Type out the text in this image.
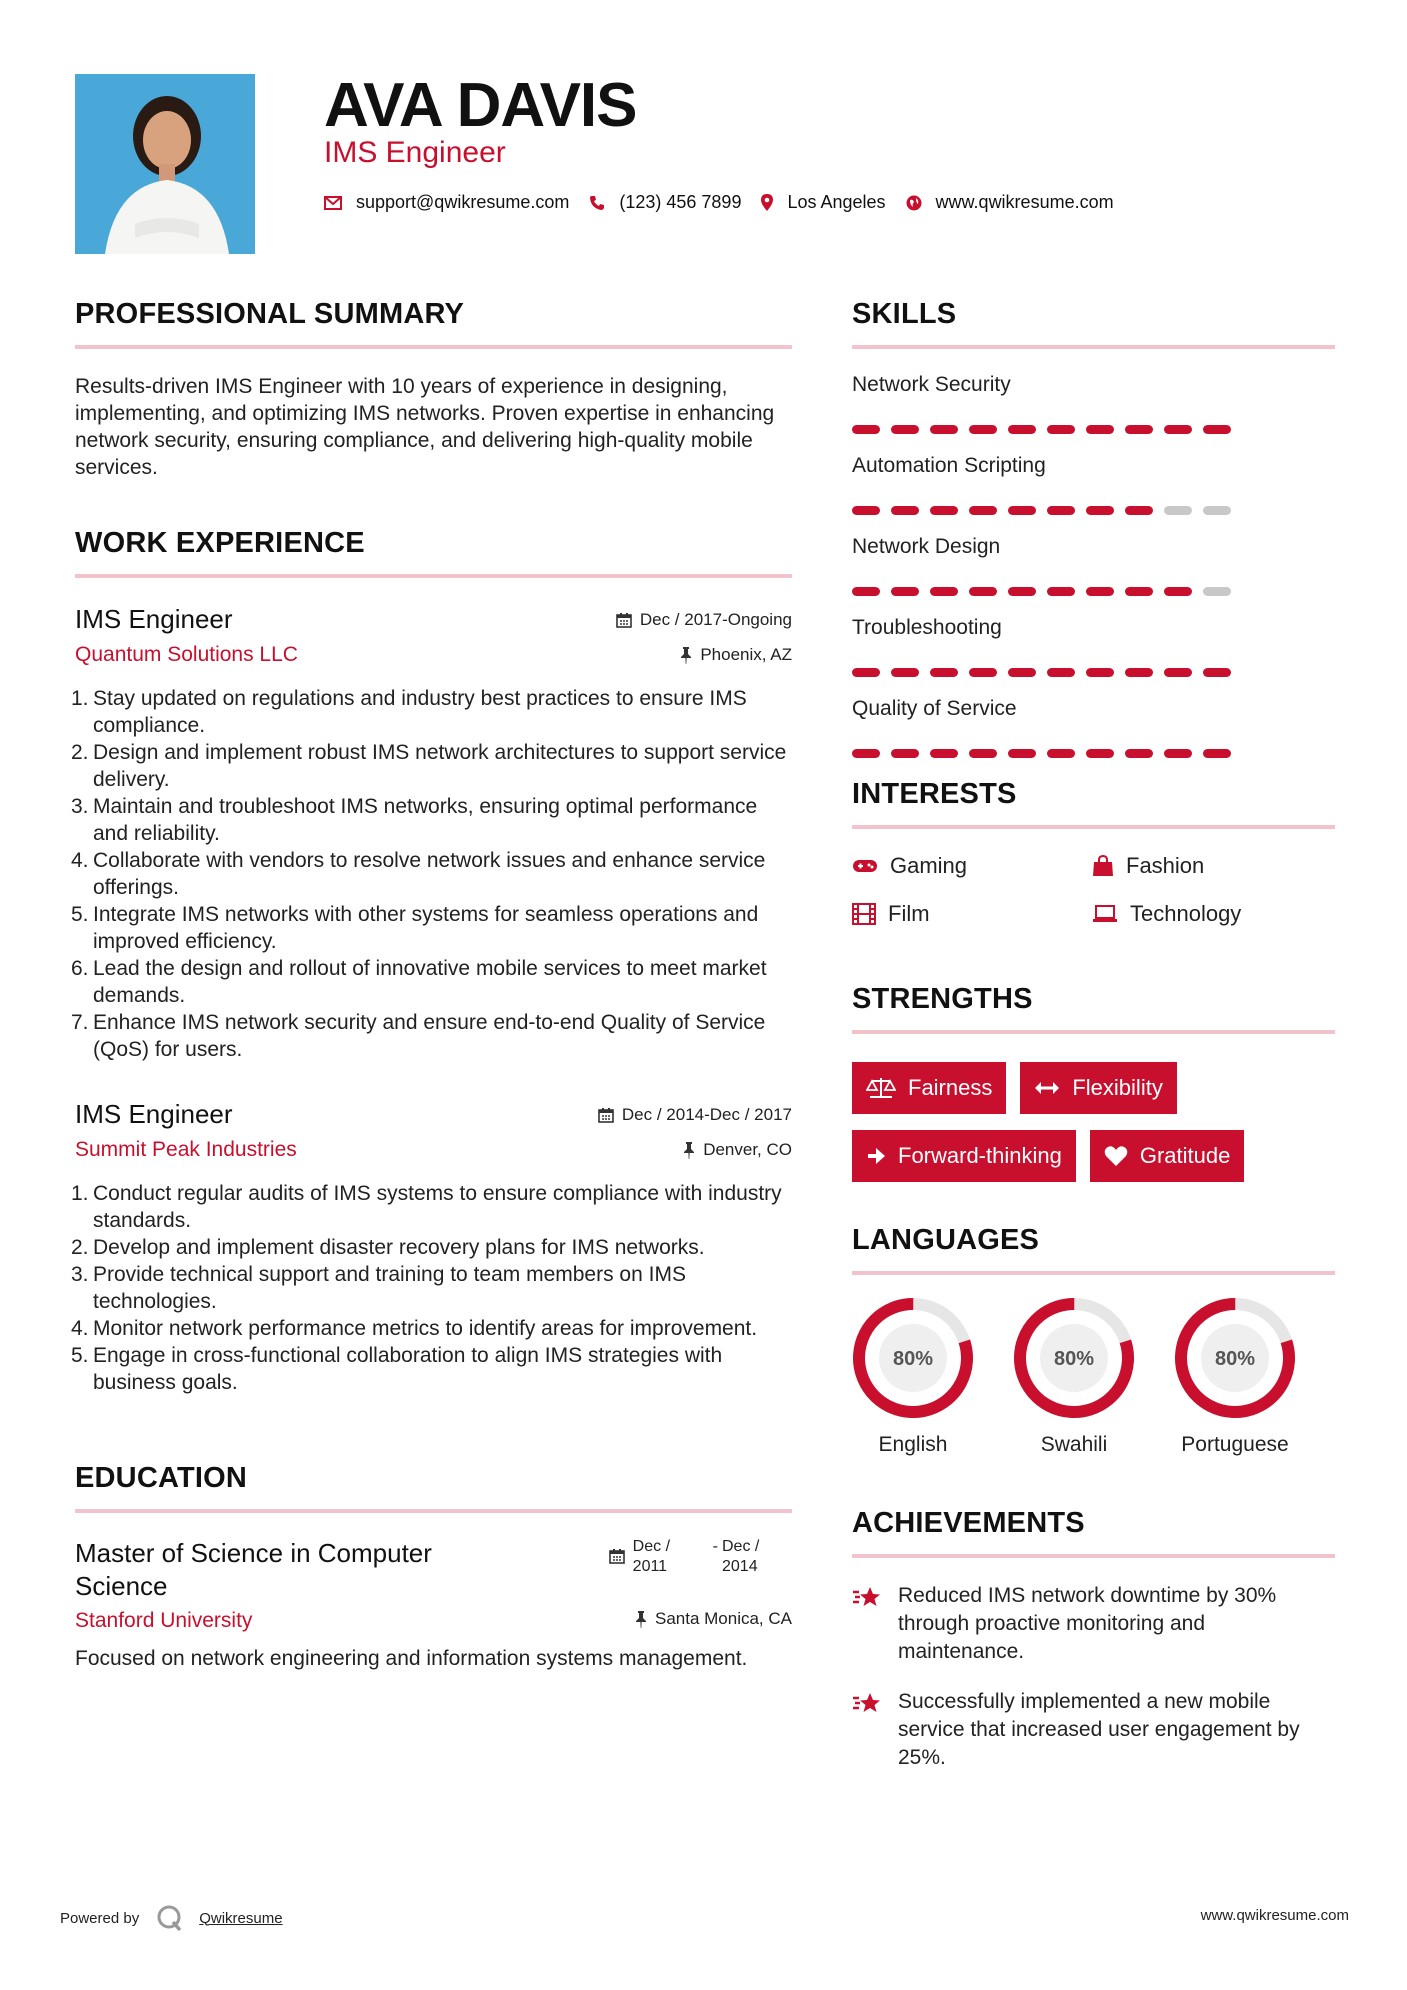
AVA DAVIS
IMS Engineer
support@qwikresume.com	(123) 456 7899	Los Angeles	www.qwikresume.com
PROFESSIONAL SUMMARY
Results-driven IMS Engineer with 10 years of experience in designing, implementing, and optimizing IMS networks. Proven expertise in enhancing network security, ensuring compliance, and delivering high-quality mobile services.
WORK EXPERIENCE
Dec / 2017-Ongoing
Phoenix, AZ
IMS Engineer
Quantum Solutions LLC
1. Stay updated on regulations and industry best practices to ensure IMS compliance.
2. Design and implement robust IMS network architectures to support service delivery.
3. Maintain and troubleshoot IMS networks, ensuring optimal performance and reliability.
4. Collaborate with vendors to resolve network issues and enhance service offerings.
5. Integrate IMS networks with other systems for seamless operations and improved efficiency.
6. Lead the design and rollout of innovative mobile services to meet market demands.
7. Enhance IMS network security and ensure end-to-end Quality of Service (QoS) for users.
Dec / 2014-Dec / 2017
Denver, CO
IMS Engineer
Summit Peak Industries
1. Conduct regular audits of IMS systems to ensure compliance with industry standards.
2. Develop and implement disaster recovery plans for IMS networks.
3. Provide technical support and training to team members on IMS technologies.
4. Monitor network performance metrics to identify areas for improvement.
5. Engage in cross-functional collaboration to align IMS strategies with business goals.
EDUCATION
Dec / 2011
- Dec / 2014
Santa Monica, CA
Master of Science in Computer Science
Stanford University
Focused on network engineering and information systems management.
SKILLS
Network Security
Automation Scripting
Network Design
Troubleshooting
Quality of Service
INTERESTS
Gaming	Fashion
Film	Technology
STRENGTHS
Fairness	Flexibility
Forward-thinking	Gratitude
LANGUAGES
80%
English
80%
Swahili
80%
Portuguese
ACHIEVEMENTS
Reduced IMS network downtime by 30% through proactive monitoring and maintenance.
Successfully implemented a new mobile service that increased user engagement by 25%.
Powered by	Qwikresume	www.qwikresume.com
